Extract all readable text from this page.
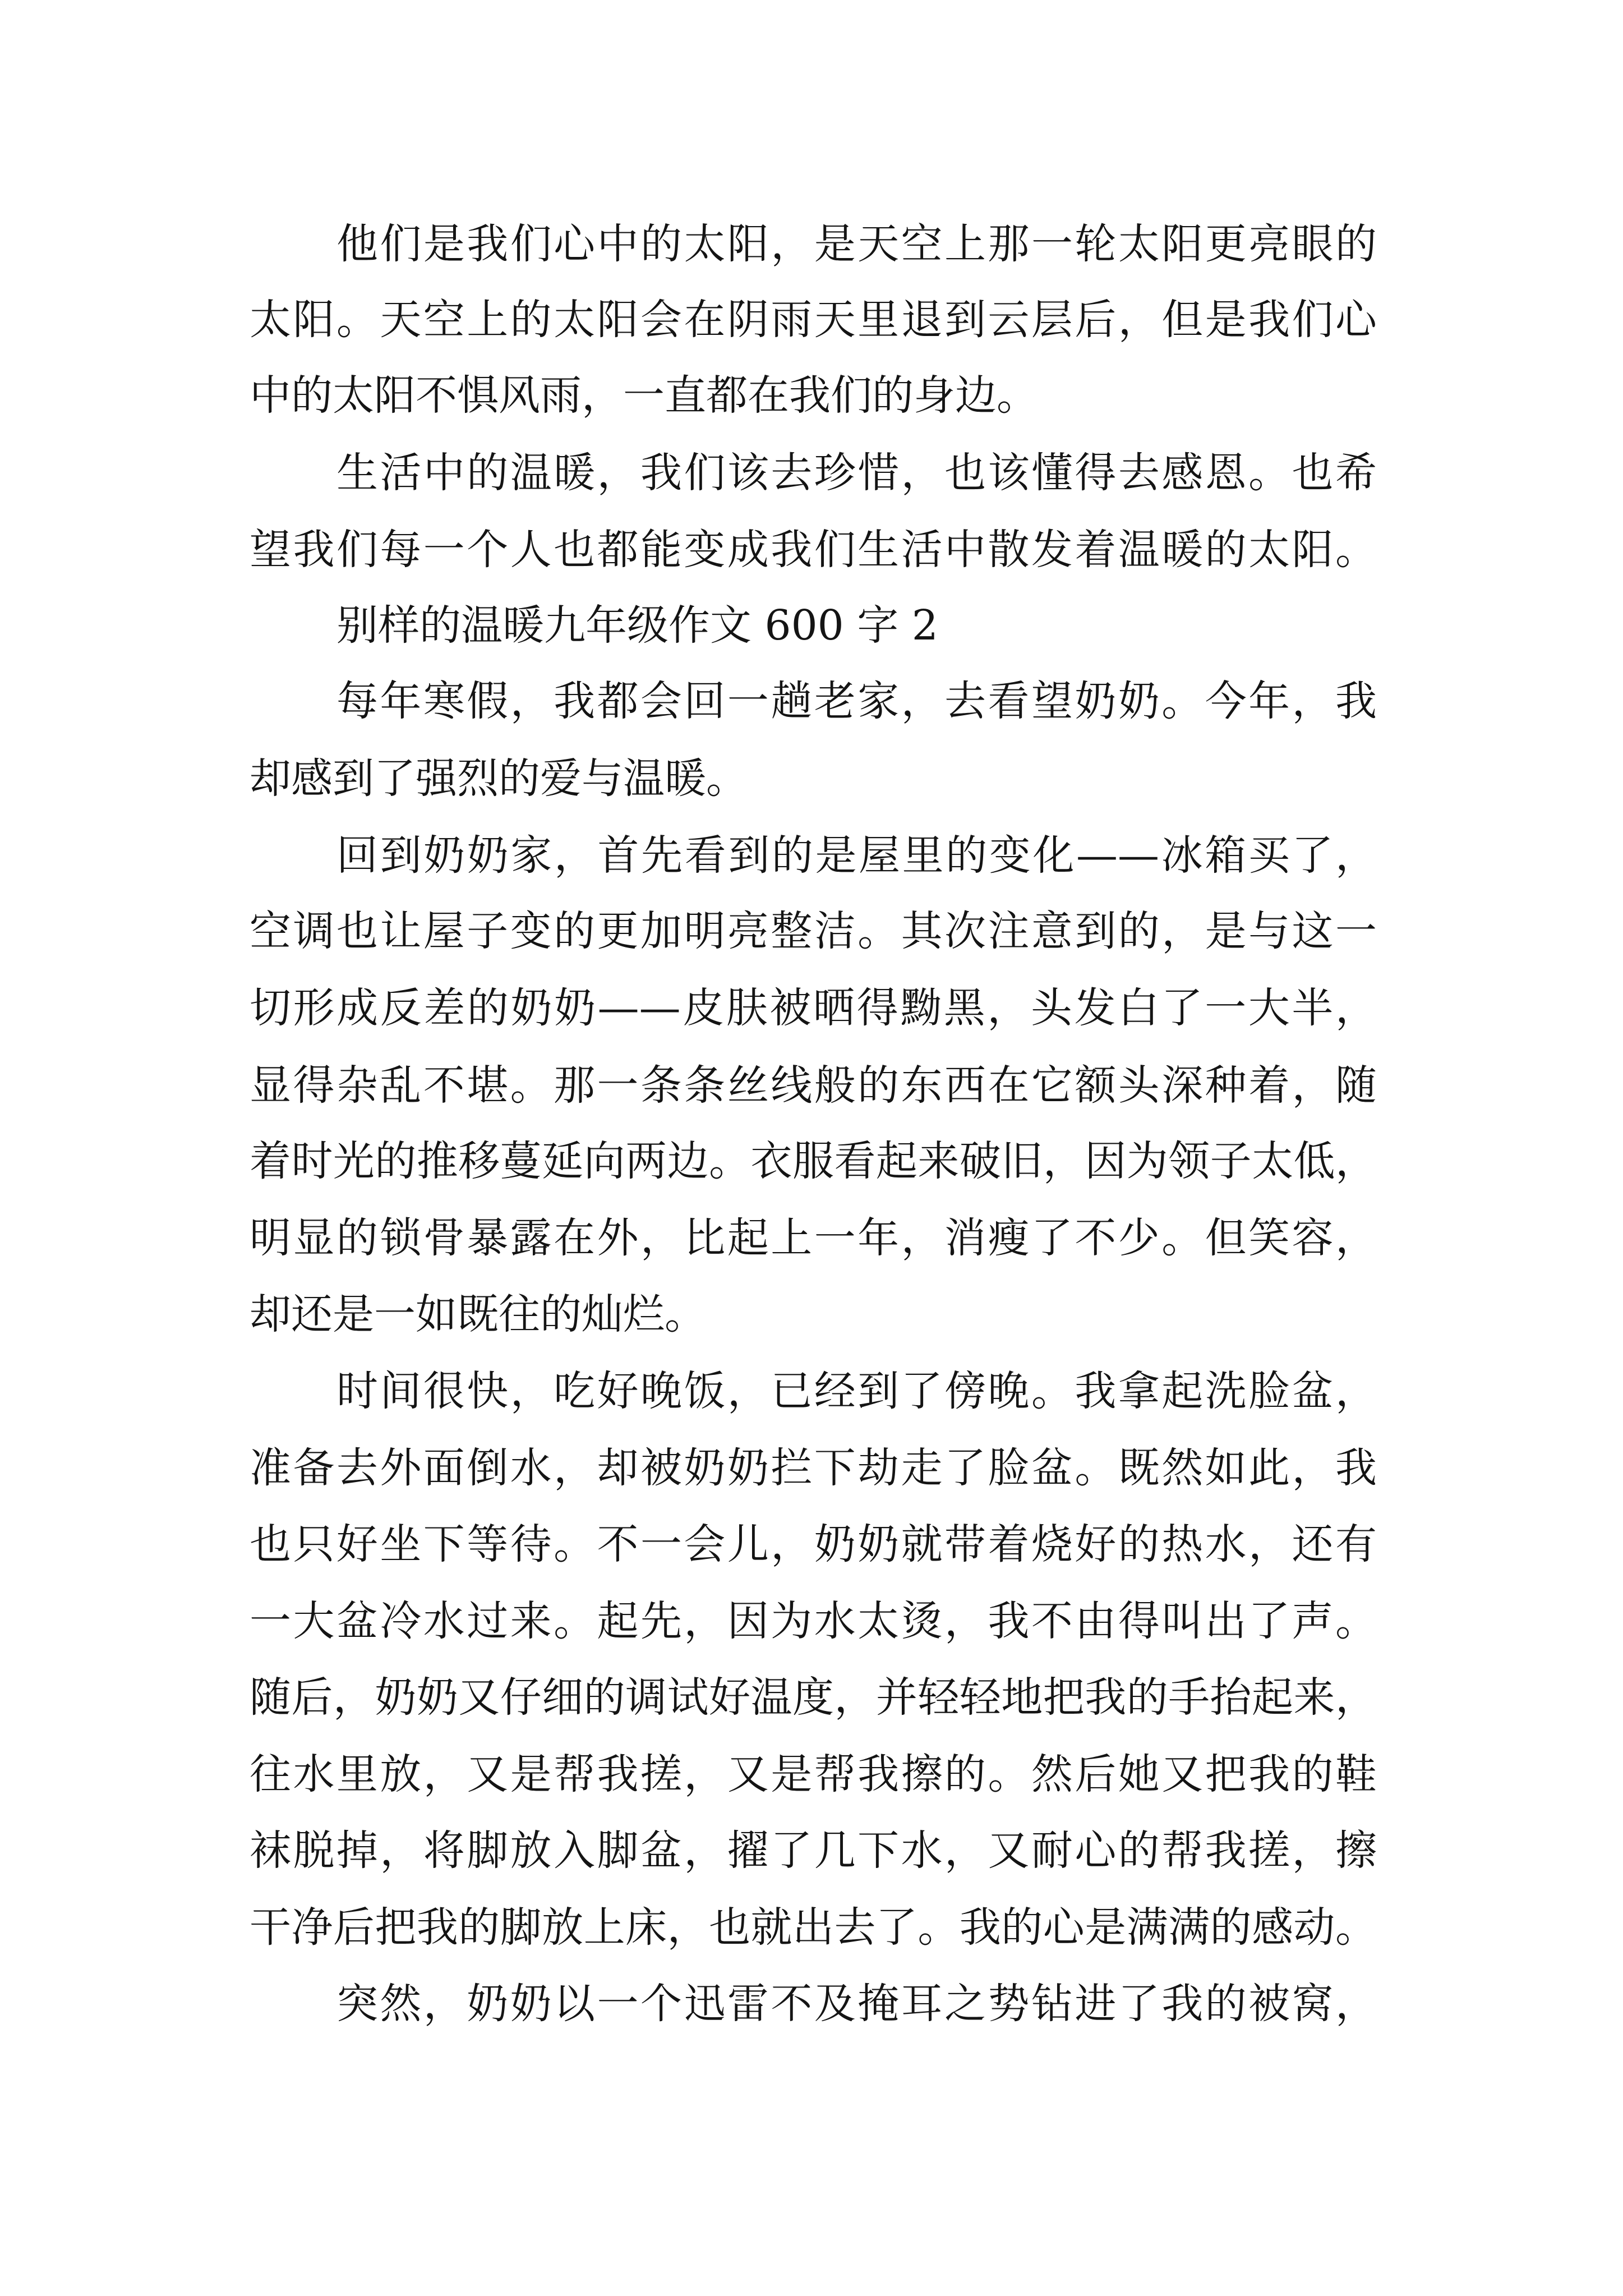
他们是我们心中的太阳，是天空上那一轮太阳更亮眼的
太阳。天空上的太阳会在阴雨天里退到云层后，但是我们心
中的太阳不惧风雨，一直都在我们的身边。
生活中的温暖，我们该去珍惜，也该懂得去感恩。也希
望我们每一个人也都能变成我们生活中散发着温暖的太阳。
别样的温暖九年级作文 600 字 2
每年寒假，我都会回一趟老家，去看望奶奶。今年，我
却感到了强烈的爱与温暖。
回到奶奶家，首先看到的是屋里的变化——冰箱买了，
空调也让屋子变的更加明亮整洁。其次注意到的，是与这一
切形成反差的奶奶——皮肤被晒得黝黑，头发白了一大半，
显得杂乱不堪。那一条条丝线般的东西在它额头深种着，随
着时光的推移蔓延向两边。衣服看起来破旧，因为领子太低，
明显的锁骨暴露在外，比起上一年，消瘦了不少。但笑容，
却还是一如既往的灿烂。
时间很快，吃好晚饭，已经到了傍晚。我拿起洗脸盆，
准备去外面倒水，却被奶奶拦下劫走了脸盆。既然如此，我
也只好坐下等待。不一会儿，奶奶就带着烧好的热水，还有
一大盆冷水过来。起先，因为水太烫，我不由得叫出了声。
随后，奶奶又仔细的调试好温度，并轻轻地把我的手抬起来，
往水里放，又是帮我搓，又是帮我擦的。然后她又把我的鞋
袜脱掉，将脚放入脚盆，擢了几下水，又耐心的帮我搓，擦
干净后把我的脚放上床，也就出去了。我的心是满满的感动。
突然，奶奶以一个迅雷不及掩耳之势钻进了我的被窝，
